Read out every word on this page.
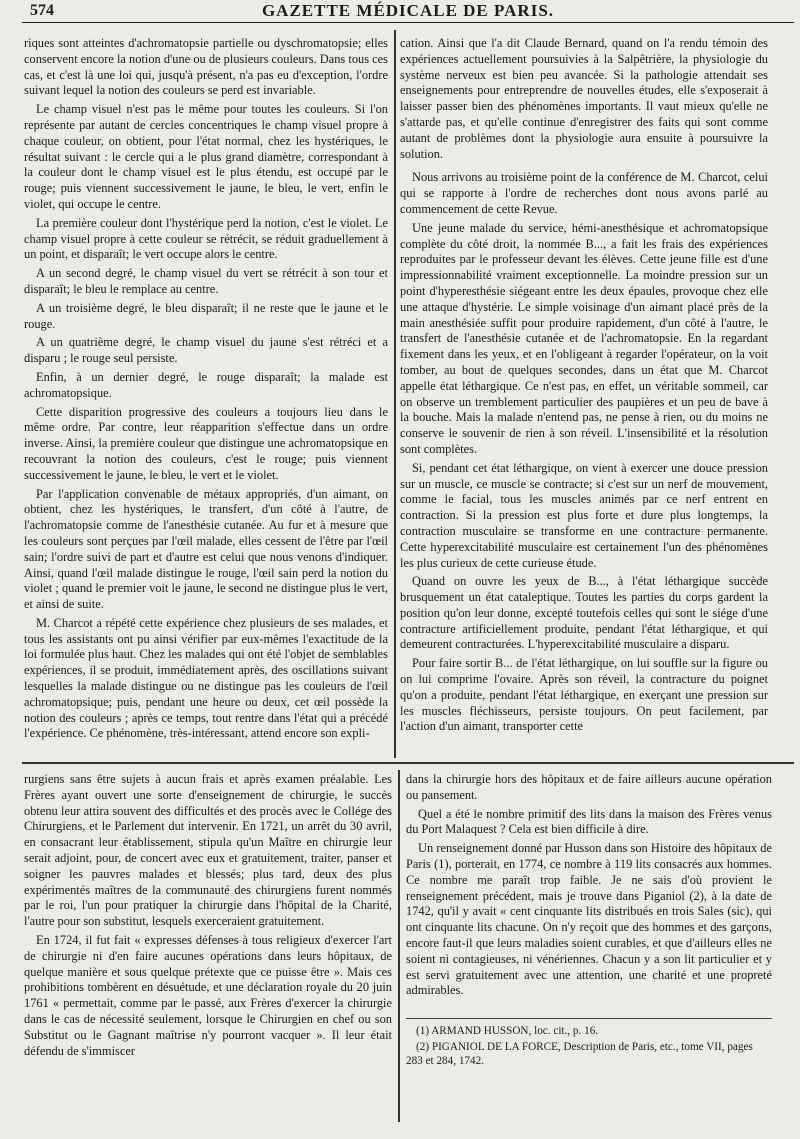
574	GAZETTE MÉDICALE DE PARIS.

riques sont atteintes d'achromatopsie partielle ou dyschromatopsie; elles conservent encore la notion d'une ou de plusieurs couleurs. Dans tous ces cas, et c'est là une loi qui, jusqu'à présent, n'a pas eu d'exception, l'ordre suivant lequel la notion des couleurs se perd est invariable.

Le champ visuel n'est pas le même pour toutes les couleurs. Si l'on représente par autant de cercles concentriques le champ visuel propre à chaque couleur, on obtient, pour l'état normal, chez les hystériques, le résultat suivant : le cercle qui a le plus grand diamètre, correspondant à la couleur dont le champ visuel est le plus étendu, est occupé par le rouge; puis viennent successivement le jaune, le bleu, le vert, enfin le violet, qui occupe le centre.

La première couleur dont l'hystérique perd la notion, c'est le violet. Le champ visuel propre à cette couleur se rétrécit, se réduit graduellement à un point, et disparaît; le vert occupe alors le centre.

A un second degré, le champ visuel du vert se rétrécit à son tour et disparaît; le bleu le remplace au centre.

A un troisième degré, le bleu disparaît; il ne reste que le jaune et le rouge.

A un quatrième degré, le champ visuel du jaune s'est rétréci et a disparu ; le rouge seul persiste.

Enfin, à un dernier degré, le rouge disparaît; la malade est achromatopsique.

Cette disparition progressive des couleurs a toujours lieu dans le même ordre. Par contre, leur réapparition s'effectue dans un ordre inverse. Ainsi, la première couleur que distingue une achromatopsique en recouvrant la notion des couleurs, c'est le rouge; puis viennent successivement le jaune, le bleu, le vert et le violet.

Par l'application convenable de métaux appropriés, d'un aimant, on obtient, chez les hystériques, le transfert, d'un côté à l'autre, de l'achromatopsie comme de l'anesthésie cutanée. Au fur et à mesure que les couleurs sont perçues par l'œil malade, elles cessent de l'être par l'œil sain; l'ordre suivi de part et d'autre est celui que nous venons d'indiquer. Ainsi, quand l'œil malade distingue le rouge, l'œil sain perd la notion du violet ; quand le premier voit le jaune, le second ne distingue plus le vert, et ainsi de suite.

M. Charcot a répété cette expérience chez plusieurs de ses malades, et tous les assistants ont pu ainsi vérifier par eux-mêmes l'exactitude de la loi formulée plus haut. Chez les malades qui ont été l'objet de semblables expériences, il se produit, immédiatement après, des oscillations suivant lesquelles la malade distingue ou ne distingue pas les couleurs de l'œil achromatopsique; puis, pendant une heure ou deux, cet œil possède la notion des couleurs ; après ce temps, tout rentre dans l'état qui a précédé l'expérience. Ce phénomène, très-intéressant, attend encore son expli-

cation. Ainsi que l'a dit Claude Bernard, quand on l'a rendu témoin des expériences actuellement poursuivies à la Salpêtrière, la physiologie du système nerveux est bien peu avancée. Si la pathologie attendait ses enseignements pour entreprendre de nouvelles études, elle s'exposerait à laisser passer bien des phénomènes importants. Il vaut mieux qu'elle ne s'attarde pas, et qu'elle continue d'enregistrer des faits qui sont comme autant de problèmes dont la physiologie aura ensuite à poursuivre la solution.

Nous arrivons au troisième point de la conférence de M. Charcot, celui qui se rapporte à l'ordre de recherches dont nous avons parlé au commencement de cette Revue.

Une jeune malade du service, hémi-anesthésique et achromatopsique complète du côté droit, la nommée B..., a fait les frais des expériences reproduites par le professeur devant les élèves. Cette jeune fille est d'une impressionnabilité vraiment exceptionnelle. La moindre pression sur un point d'hyperesthésie siégeant entre les deux épaules, provoque chez elle une attaque d'hystérie. Le simple voisinage d'un aimant placé près de la main anesthésiée suffit pour produire rapidement, d'un côté à l'autre, le transfert de l'anesthésie cutanée et de l'achromatopsie. En la regardant fixement dans les yeux, et en l'obligeant à regarder l'opérateur, on la voit tomber, au bout de quelques secondes, dans un état que M. Charcot appelle état léthargique. Ce n'est pas, en effet, un véritable sommeil, car on observe un tremblement particulier des paupières et un peu de bave à la bouche. Mais la malade n'entend pas, ne pense à rien, ou du moins ne conserve le souvenir de rien à son réveil. L'insensibilité et la résolution sont complètes.

Si, pendant cet état léthargique, on vient à exercer une douce pression sur un muscle, ce muscle se contracte; si c'est sur un nerf de mouvement, comme le facial, tous les muscles animés par ce nerf entrent en contraction. Si la pression est plus forte et dure plus longtemps, la contraction musculaire se transforme en une contracture permanente. Cette hyperexcitabilité musculaire est certainement l'un des phénomènes les plus curieux de cette curieuse étude.

Quand on ouvre les yeux de B..., à l'état léthargique succède brusquement un état cataleptique. Toutes les parties du corps gardent la position qu'on leur donne, excepté toutefois celles qui sont le siége d'une contracture artificiellement produite, pendant l'état léthargique, et qui demeurent contracturées. L'hyperexcitabilité musculaire a disparu.

Pour faire sortir B... de l'état léthargique, on lui souffle sur la figure ou on lui comprime l'ovaire. Après son réveil, la contracture du poignet qu'on a produite, pendant l'état léthargique, en exerçant une pression sur les muscles fléchisseurs, persiste toujours. On peut facilement, par l'action d'un aimant, transporter cette

rurgiens sans être sujets à aucun frais et après examen préalable. Les Frères ayant ouvert une sorte d'enseignement de chirurgie, le succès obtenu leur attira souvent des difficultés et des procès avec le Collége des Chirurgiens, et le Parlement dut intervenir. En 1721, un arrêt du 30 avril, en consacrant leur établissement, stipula qu'un Maître en chirurgie leur serait adjoint, pour, de concert avec eux et gratuitement, traiter, panser et soigner les pauvres malades et blessés; plus tard, deux des plus expérimentés maîtres de la communauté des chirurgiens furent nommés par le roi, l'un pour pratiquer la chirurgie dans l'hôpital de la Charité, l'autre pour son substitut, lesquels exerceraient gratuitement.

En 1724, il fut fait « expresses défenses à tous religieux d'exercer l'art de chirurgie ni d'en faire aucunes opérations dans leurs hôpitaux, de quelque manière et sous quelque prétexte que ce puisse être ». Mais ces prohibitions tombèrent en désuétude, et une déclaration royale du 20 juin 1761 « permettait, comme par le passé, aux Frères d'exercer la chirurgie dans le cas de nécessité seulement, lorsque le Chirurgien en chef ou son Substitut ou le Gagnant maîtrise n'y pourront vacquer ». Il leur était défendu de s'immiscer

dans la chirurgie hors des hôpitaux et de faire ailleurs aucune opération ou pansement.

Quel a été le nombre primitif des lits dans la maison des Frères venus du Port Malaquest ? Cela est bien difficile à dire.

Un renseignement donné par Husson dans son Histoire des hôpitaux de Paris (1), porterait, en 1774, ce nombre à 119 lits consacrés aux hommes. Ce nombre me paraît trop faible. Je ne sais d'où provient le renseignement précédent, mais je trouve dans Piganiol (2), à la date de 1742, qu'il y avait « cent cinquante lits distribués en trois Sales (sic), qui ont cinquante lits chacune. On n'y reçoit que des hommes et des garçons, encore faut-il que leurs maladies soient curables, et que d'ailleurs elles ne soient ni contagieuses, ni vénériennes. Chacun y a son lit particulier et y est servi gratuitement avec une attention, une charité et une propreté admirables.

(1) ARMAND HUSSON, loc. cit., p. 16.

(2) PIGANIOL DE LA FORCE, Description de Paris, etc., tome VII, pages 283 et 284, 1742.
